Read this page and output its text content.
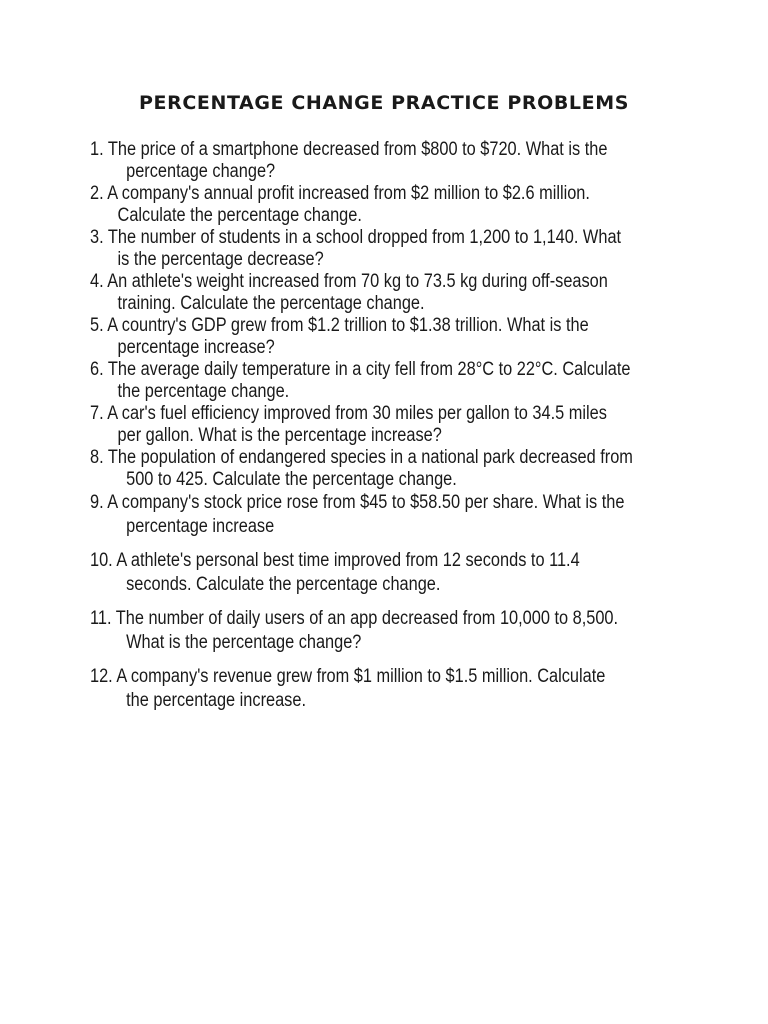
PERCENTAGE CHANGE PRACTICE PROBLEMS
1. The price of a smartphone decreased from $800 to $720. What is the
percentage change?
2. A company's annual profit increased from $2 million to $2.6 million.
Calculate the percentage change.
3. The number of students in a school dropped from 1,200 to 1,140. What
is the percentage decrease?
4. An athlete's weight increased from 70 kg to 73.5 kg during off-season
training. Calculate the percentage change.
5. A country's GDP grew from $1.2 trillion to $1.38 trillion. What is the
percentage increase?
6. The average daily temperature in a city fell from 28°C to 22°C. Calculate
the percentage change.
7. A car's fuel efficiency improved from 30 miles per gallon to 34.5 miles
per gallon. What is the percentage increase?
8. The population of endangered species in a national park decreased from
500 to 425. Calculate the percentage change.
9. A company's stock price rose from $45 to $58.50 per share. What is the
percentage increase
10. A athlete's personal best time improved from 12 seconds to 11.4
seconds. Calculate the percentage change.
11. The number of daily users of an app decreased from 10,000 to 8,500.
What is the percentage change?
12. A company's revenue grew from $1 million to $1.5 million. Calculate
the percentage increase.
